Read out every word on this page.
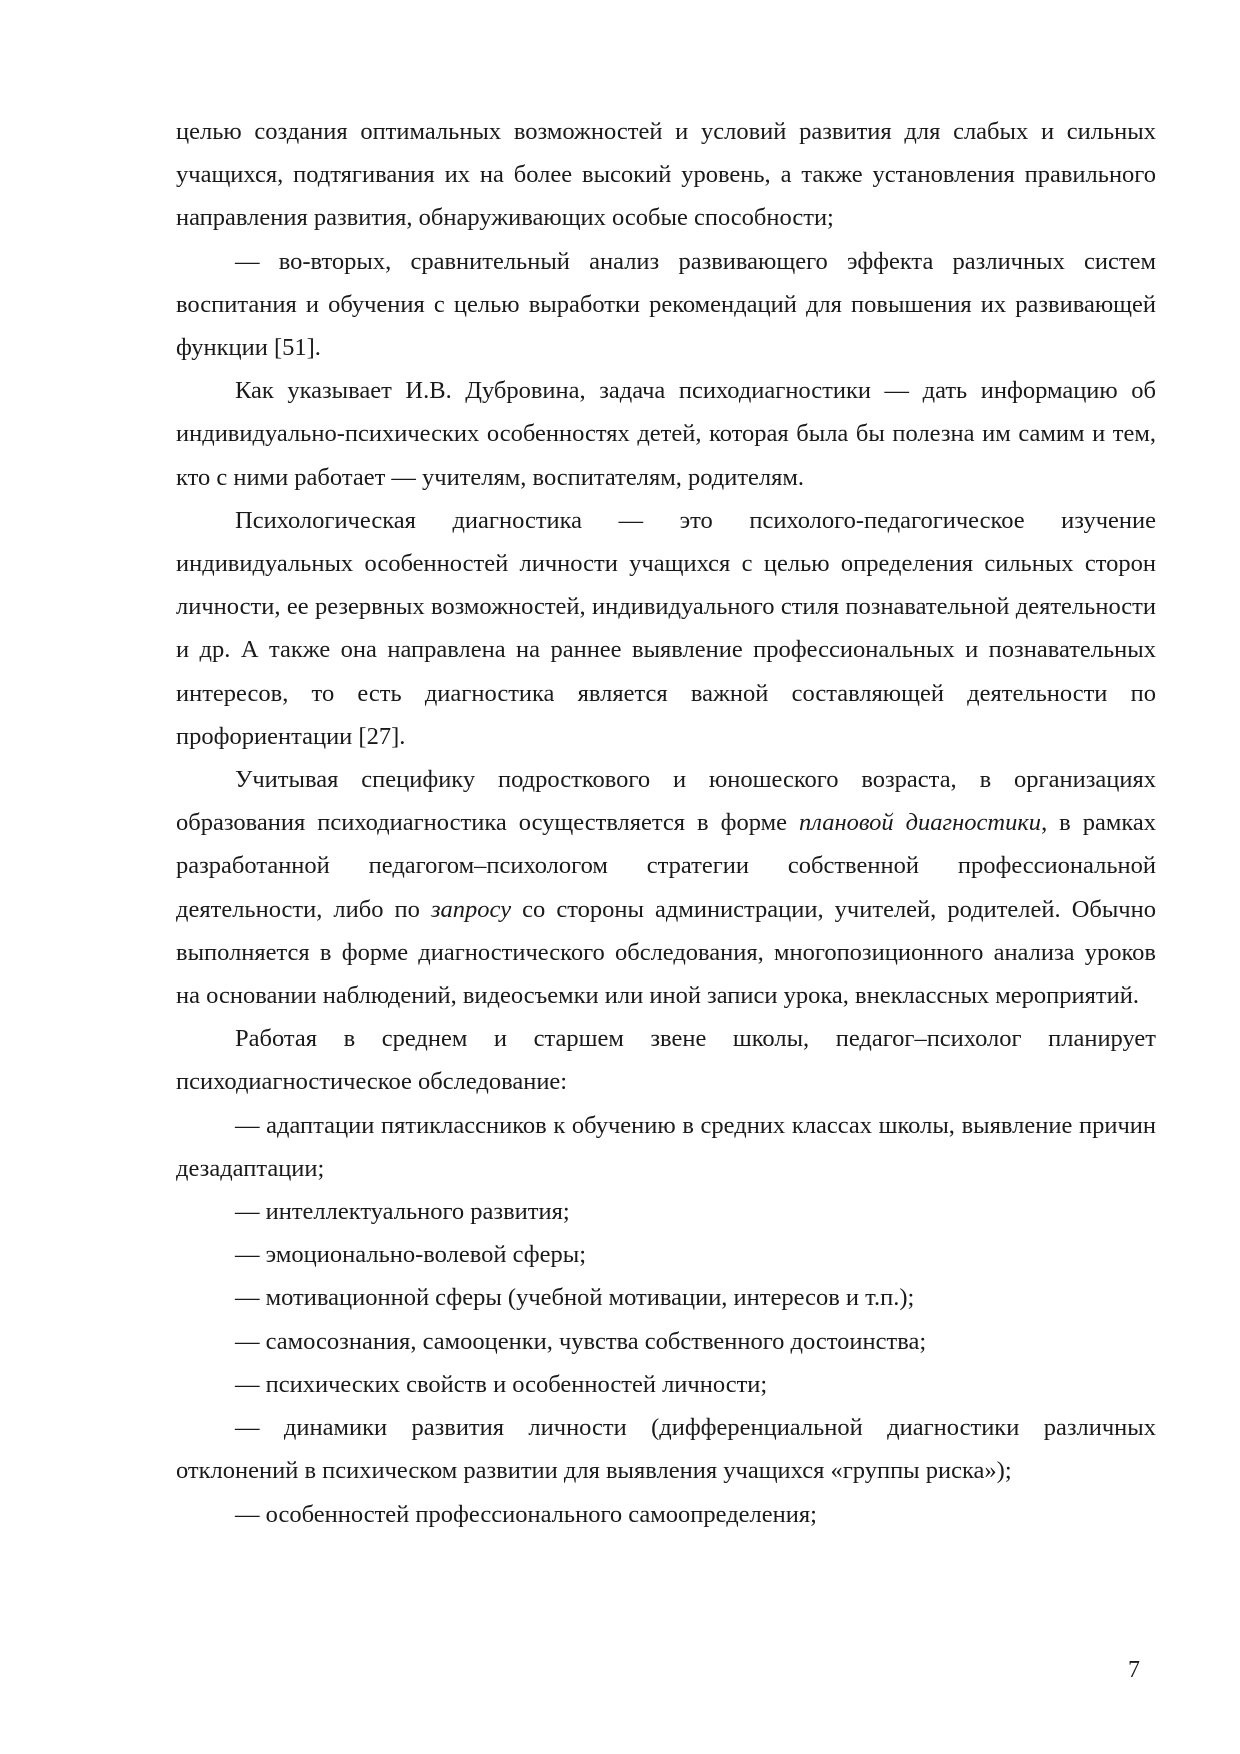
целью создания оптимальных возможностей и условий развития для слабых и сильных учащихся, подтягивания их на более высокий уровень, а также установления правильного направления развития, обнаруживающих особые способности;

— во-вторых, сравнительный анализ развивающего эффекта различных систем воспитания и обучения с целью выработки рекомендаций для повышения их развивающей функции [51].

Как указывает И.В. Дубровина, задача психодиагностики — дать информацию об индивидуально-психических особенностях детей, которая была бы полезна им самим и тем, кто с ними работает — учителям, воспитателям, родителям.

Психологическая диагностика — это психолого-педагогическое изучение индивидуальных особенностей личности учащихся с целью определения сильных сторон личности, ее резервных возможностей, индивидуального стиля познавательной деятельности и др. А также она направлена на раннее выявление профессиональных и познавательных интересов, то есть диагностика является важной составляющей деятельности по профориентации [27].

Учитывая специфику подросткового и юношеского возраста, в организациях образования психодиагностика осуществляется в форме плановой диагностики, в рамках разработанной педагогом–психологом стратегии собственной профессиональной деятельности, либо по запросу со стороны администрации, учителей, родителей. Обычно выполняется в форме диагностического обследования, многопозиционного анализа уроков на основании наблюдений, видеосъемки или иной записи урока, внеклассных мероприятий.

Работая в среднем и старшем звене школы, педагог–психолог планирует психодиагностическое обследование:

— адаптации пятиклассников к обучению в средних классах школы, выявление причин дезадаптации;

— интеллектуального развития;

— эмоционально-волевой сферы;

— мотивационной сферы (учебной мотивации, интересов и т.п.);

— самосознания, самооценки, чувства собственного достоинства;

— психических свойств и особенностей личности;

— динамики развития личности (дифференциальной диагностики различных отклонений в психическом развитии для выявления учащихся «группы риска»);

— особенностей профессионального самоопределения;

7
